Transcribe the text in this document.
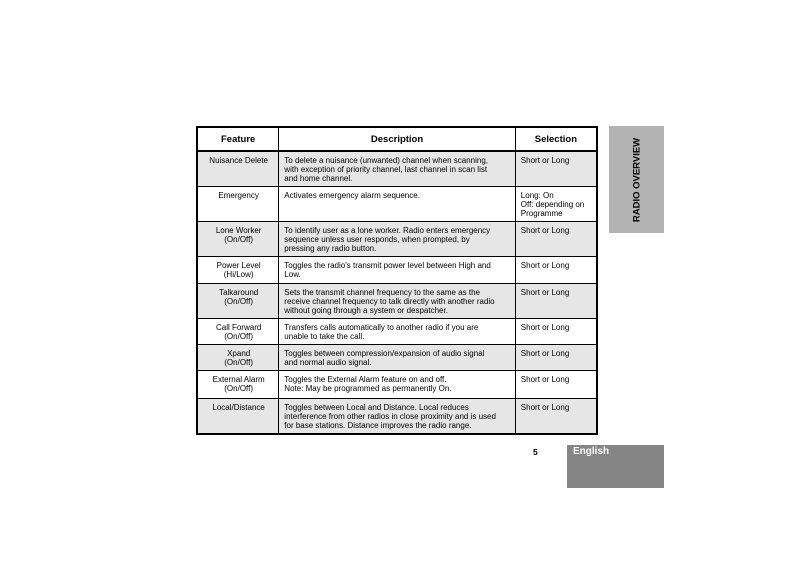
Feature	Description	Selection

Nuisance Delete	To delete a nuisance (unwanted) channel when scanning,
with exception of priority channel, last channel in scan list
and home channel.	Short or Long

Emergency	Activates emergency alarm sequence.	Long: On
Off: depending on
Programme

Lone Worker
(On/Off)	To identify user as a lone worker. Radio enters emergency
sequence unless user responds, when prompted, by
pressing any radio button.	Short or Long

Power Level
(Hi/Low)	Toggles the radio's transmit power level between High and
Low.	Short or Long

Talkaround
(On/Off)	Sets the transmit channel frequency to the same as the
receive channel frequency to talk directly with another radio
without going through a system or despatcher.	Short or Long

Call Forward
(On/Off)	Transfers calls automatically to another radio if you are
unable to take the call.	Short or Long

Xpand
(On/Off)	Toggles between compression/expansion of audio signal
and normal audio signal.	Short or Long

External Alarm
(On/Off)	Toggles the External Alarm feature on and off.
Note: May be programmed as permanently On.	Short or Long

Local/Distance	Toggles between Local and Distance. Local reduces
interference from other radios in close proximity and is used
for base stations. Distance improves the radio range.	Short or Long
RADIO OVERVIEW
5	English
